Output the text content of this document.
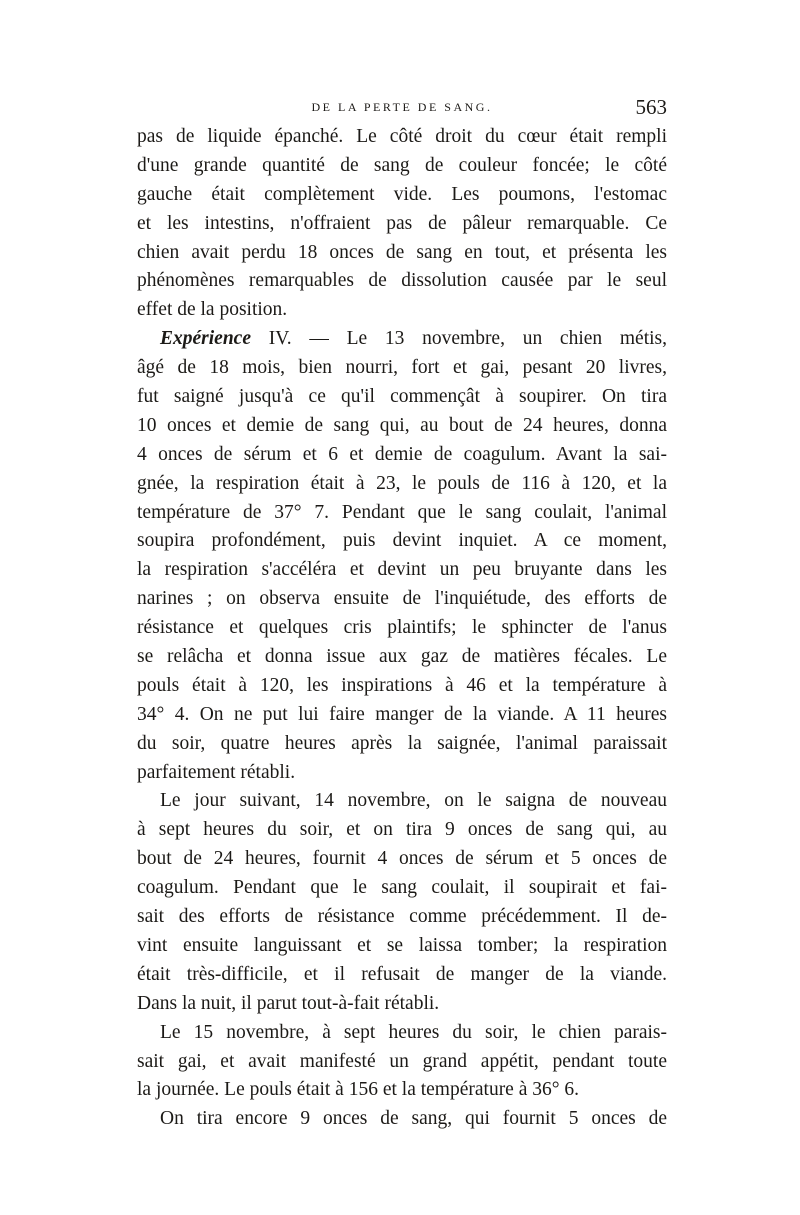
DE LA PERTE DE SANG.	563

pas de liquide épanché. Le côté droit du cœur était rempli
d'une grande quantité de sang de couleur foncée; le côté
gauche était complètement vide. Les poumons, l'estomac
et les intestins, n'offraient pas de pâleur remarquable. Ce
chien avait perdu 18 onces de sang en tout, et présenta les
phénomènes remarquables de dissolution causée par le seul
effet de la position.

Expérience IV. — Le 13 novembre, un chien métis,
âgé de 18 mois, bien nourri, fort et gai, pesant 20 livres,
fut saigné jusqu'à ce qu'il commençât à soupirer. On tira
10 onces et demie de sang qui, au bout de 24 heures, donna
4 onces de sérum et 6 et demie de coagulum. Avant la sai-
gnée, la respiration était à 23, le pouls de 116 à 120, et la
température de 37° 7. Pendant que le sang coulait, l'animal
soupira profondément, puis devint inquiet. A ce moment,
la respiration s'accéléra et devint un peu bruyante dans les
narines ; on observa ensuite de l'inquiétude, des efforts de
résistance et quelques cris plaintifs; le sphincter de l'anus
se relâcha et donna issue aux gaz de matières fécales. Le
pouls était à 120, les inspirations à 46 et la température à
34° 4. On ne put lui faire manger de la viande. A 11 heures
du soir, quatre heures après la saignée, l'animal paraissait
parfaitement rétabli.

Le jour suivant, 14 novembre, on le saigna de nouveau
à sept heures du soir, et on tira 9 onces de sang qui, au
bout de 24 heures, fournit 4 onces de sérum et 5 onces de
coagulum. Pendant que le sang coulait, il soupirait et fai-
sait des efforts de résistance comme précédemment. Il de-
vint ensuite languissant et se laissa tomber; la respiration
était très-difficile, et il refusait de manger de la viande.
Dans la nuit, il parut tout-à-fait rétabli.

Le 15 novembre, à sept heures du soir, le chien parais-
sait gai, et avait manifesté un grand appétit, pendant toute
la journée. Le pouls était à 156 et la température à 36° 6.

On tira encore 9 onces de sang, qui fournit 5 onces de
